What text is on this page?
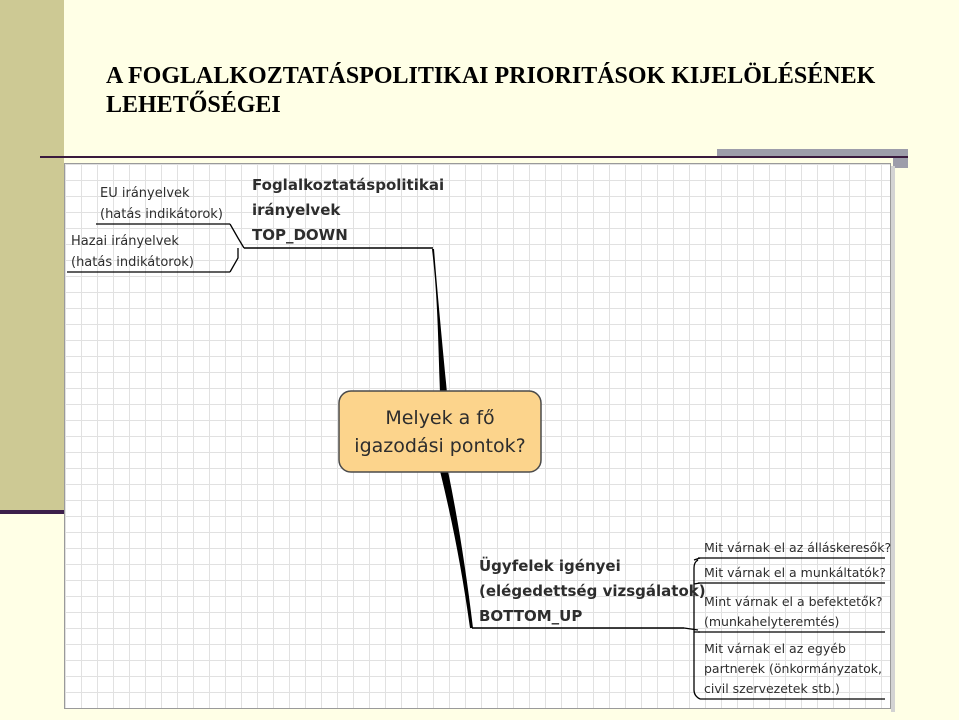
A FOGLALKOZTATÁSPOLITIKAI PRIORITÁSOK KIJELÖLÉSÉNEK LEHETŐSÉGEI
Melyek a fő
igazodási pontok?
Foglalkoztatáspolitikai
irányelvek
TOP_DOWN
EU irányelvek
(hatás indikátorok)
Hazai irányelvek
(hatás indikátorok)
Ügyfelek igényei
(elégedettség vizsgálatok)
BOTTOM_UP
Mit várnak el az álláskeresők?
Mit várnak el a munkáltatók?
Mint várnak el a befektetők?
(munkahelyteremtés)
Mit várnak el az egyéb
partnerek (önkormányzatok,
civil szervezetek stb.)
